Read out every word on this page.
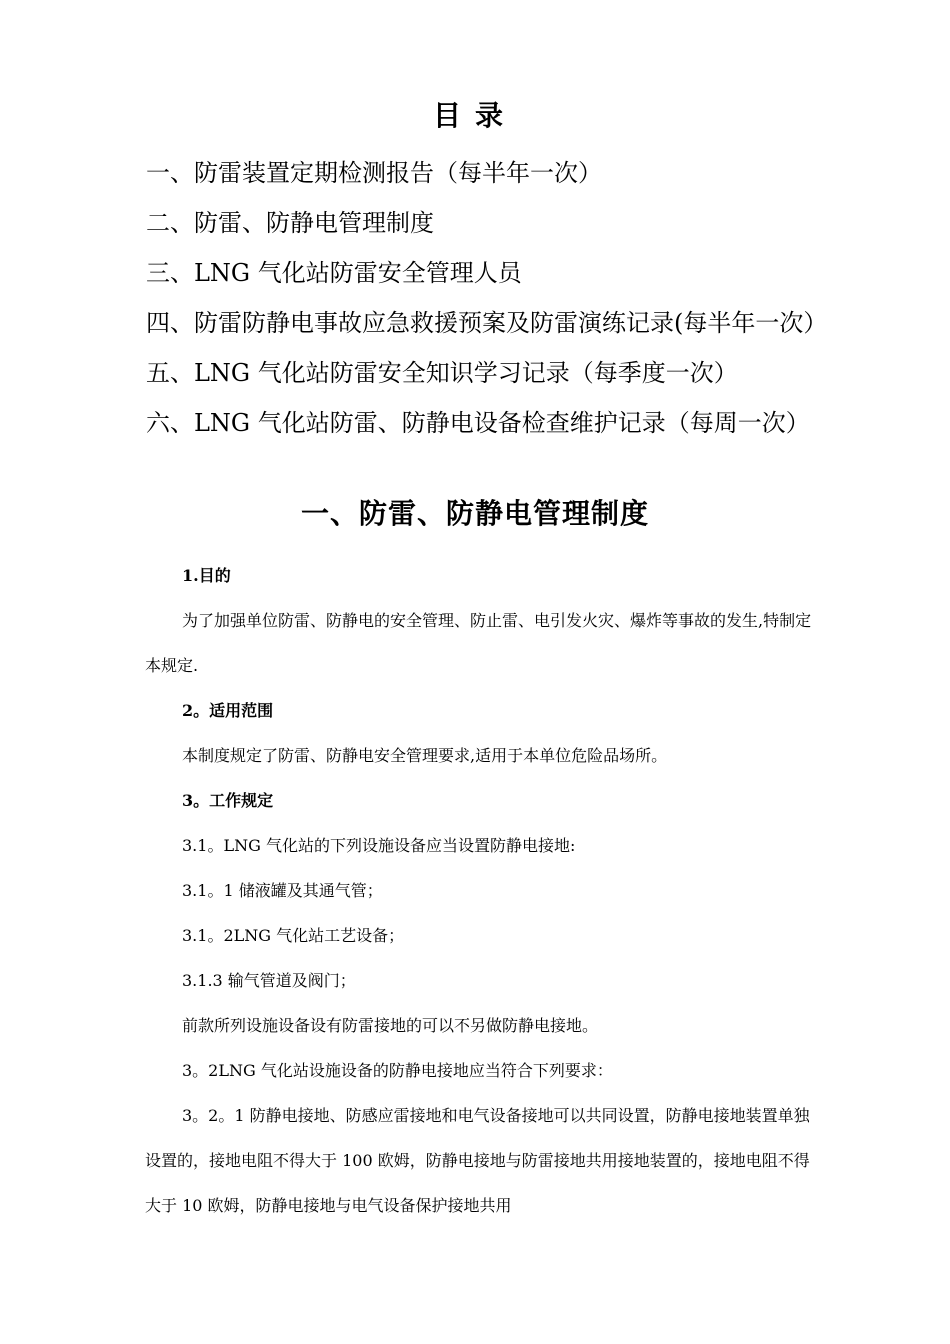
目录
一、防雷装置定期检测报告（每半年一次）
二、防雷、防静电管理制度
三、LNG 气化站防雷安全管理人员
四、防雷防静电事故应急救援预案及防雷演练记录(每半年一次）
五、LNG 气化站防雷安全知识学习记录（每季度一次）
六、LNG 气化站防雷、防静电设备检查维护记录（每周一次）
一、防雷、防静电管理制度

1.目的

为了加强单位防雷、防静电的安全管理、防止雷、电引发火灾、爆炸等事故的发生,特制定本规定.

2。适用范围

本制度规定了防雷、防静电安全管理要求,适用于本单位危险品场所。

3。工作规定

3.1。LNG 气化站的下列设施设备应当设置防静电接地:

3.1。1 储液罐及其通气管；

3.1。2LNG 气化站工艺设备；

3.1.3 输气管道及阀门；

前款所列设施设备设有防雷接地的可以不另做防静电接地。

3。2LNG 气化站设施设备的防静电接地应当符合下列要求：

3。2。1 防静电接地、防感应雷接地和电气设备接地可以共同设置，防静电接地装置单独设置的，接地电阻不得大于 100 欧姆，防静电接地与防雷接地共用接地装置的，接地电阻不得大于 10 欧姆，防静电接地与电气设备保护接地共用
